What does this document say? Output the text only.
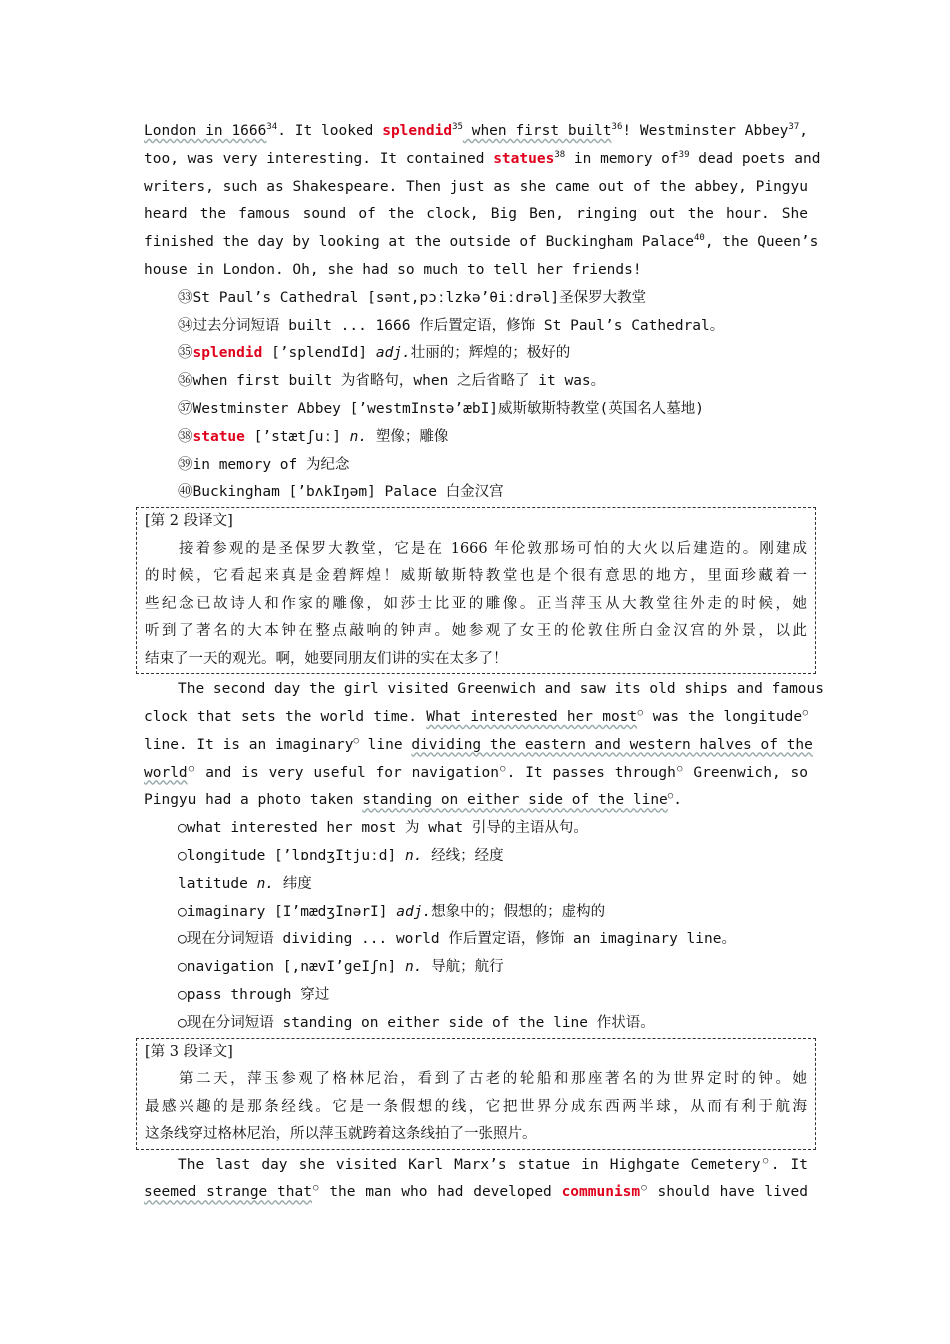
London in 1666$^{34}$. It looked splendid$^{35}$ when first built$^{36}$! Westminster Abbey$^{37}$,
too, was very interesting. It contained statues$^{38}$ in memory $of^{39}$ dead poets and
writers, such as Shakespeare. Then just as she came out of the abbey, Pingyu
heard the famous sound of the clock, Big Ben, ringing out the hour. She
finished the day by looking at the outside of Buckingham Palace$^{40}$, the Queen’s
house in London. Oh, she had so much to tell her friends!
㉝St Paul’s Cathedral [sənt,pɔːlzkə’θiːdrəl]圣保罗大教堂
㉞过去分词短语 built ... 1666 作后置定语，修饰 St Paul’s Cathedral。
㉟splendid [’splendId] adj.壮丽的；辉煌的；极好的
㊱when first built 为省略句，when 之后省略了 it was。
㊲Westminster Abbey [’westmInstə’æbI]威斯敏斯特教堂(英国名人墓地)
㊳statue [’stætʃuː] n. 塑像；雕像
㊴in memory of 为纪念
㊵Buckingham [’bʌkIŋəm] Palace 白金汉宫
[第 2 段译文]
接着参观的是圣保罗大教堂，它是在 1666 年伦敦那场可怕的大火以后建造的。刚建成
的时候，它看起来真是金碧辉煌！威斯敏斯特教堂也是个很有意思的地方，里面珍藏着一
些纪念已故诗人和作家的雕像，如莎士比亚的雕像。正当萍玉从大教堂往外走的时候，她
听到了著名的大本钟在整点敲响的钟声。她参观了女王的伦敦住所白金汉宫的外景，以此
结束了一天的观光。啊，她要同朋友们讲的实在太多了！
The second day the girl visited Greenwich and saw its old ships and famous
clock that sets the world time. What interested her most○ was the longitude○
line. It is an imaginary○ line dividing the eastern and western halves of the
world○ and is very useful for navigation○. It passes through○ Greenwich, so
Pingyu had a photo taken standing on either side of the line○.
○what interested her most 为 what 引导的主语从句。
○longitude [’lɒndʒItjuːd] n. 经线；经度
latitude n. 纬度
○imaginary [I’mædʒInərI] adj.想象中的；假想的；虚构的
○现在分词短语 dividing ... world 作后置定语，修饰 an imaginary line。
○navigation [,nævI’geIʃn] n. 导航；航行
○pass through 穿过
○现在分词短语 standing on either side of the line 作状语。
[第 3 段译文]
第二天，萍玉参观了格林尼治，看到了古老的轮船和那座著名的为世界定时的钟。她
最感兴趣的是那条经线。它是一条假想的线，它把世界分成东西两半球，从而有利于航海
这条线穿过格林尼治，所以萍玉就跨着这条线拍了一张照片。
The last day she visited Karl Marx’s statue in Highgate Cemetery○. It
seemed strange that○ the man who had developed communism○ should have lived
